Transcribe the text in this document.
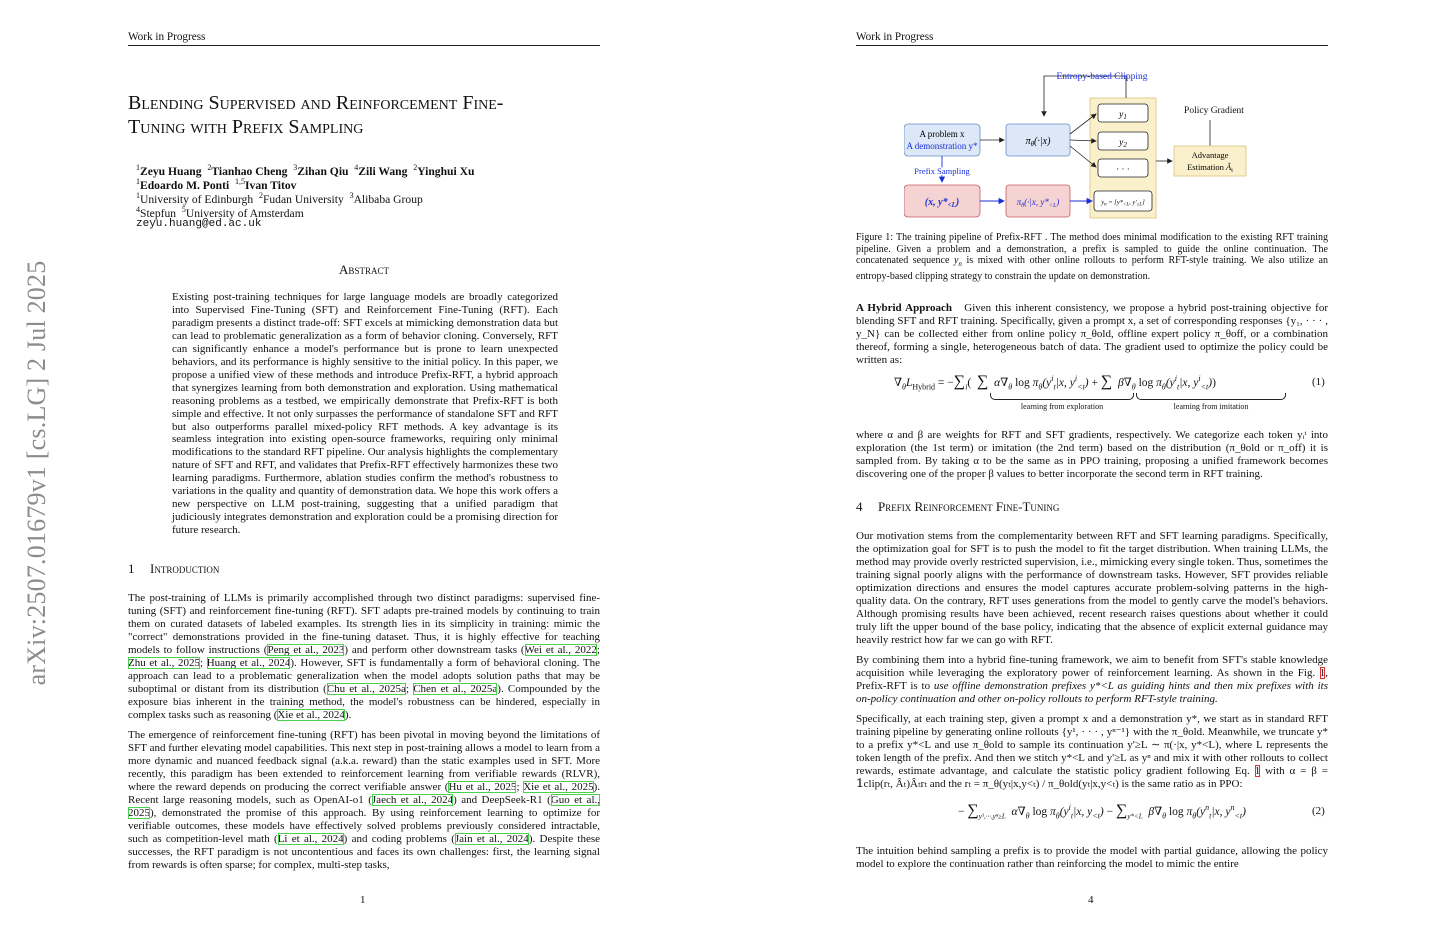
Work in Progress
arXiv:2507.01679v1 [cs.LG] 2 Jul 2025
Blending Supervised and Reinforcement Fine-
Tuning with Prefix Sampling
$^1$Zeyu Huang $^2$Tianhao Cheng $^3$Zihan Qiu $^4$Zili Wang $^2$Yinghui Xu
$^1$Edoardo M. Ponti $^{1,5}$Ivan Titov
$^1$University of Edinburgh $^2$Fudan University $^3$Alibaba Group
$^4$Stepfun $^5$University of Amsterdam
zeyu.huang@ed.ac.uk
Abstract
Existing post-training techniques for large language models are broadly categorized into Supervised Fine-Tuning (SFT) and Reinforcement Fine-Tuning (RFT). Each paradigm presents a distinct trade-off: SFT excels at mimicking demonstration data but can lead to problematic generalization as a form of behavior cloning. Conversely, RFT can significantly enhance a model's performance but is prone to learn unexpected behaviors, and its performance is highly sensitive to the initial policy. In this paper, we propose a unified view of these methods and introduce Prefix-RFT, a hybrid approach that synergizes learning from both demonstration and exploration. Using mathematical reasoning problems as a testbed, we empirically demonstrate that Prefix-RFT is both simple and effective. It not only surpasses the performance of standalone SFT and RFT but also outperforms parallel mixed-policy RFT methods. A key advantage is its seamless integration into existing open-source frameworks, requiring only minimal modifications to the standard RFT pipeline. Our analysis highlights the complementary nature of SFT and RFT, and validates that Prefix-RFT effectively harmonizes these two learning paradigms. Furthermore, ablation studies confirm the method's robustness to variations in the quality and quantity of demonstration data. We hope this work offers a new perspective on LLM post-training, suggesting that a unified paradigm that judiciously integrates demonstration and exploration could be a promising direction for future research.
1 Introduction
The post-training of LLMs is primarily accomplished through two distinct paradigms: supervised fine-tuning (SFT) and reinforcement fine-tuning (RFT). SFT adapts pre-trained models by continuing to train them on curated datasets of labeled examples. Its strength lies in its simplicity in training: mimic the "correct" demonstrations provided in the fine-tuning dataset. Thus, it is highly effective for teaching models to follow instructions (Peng et al., 2023) and perform other downstream tasks (Wei et al., 2022; Zhu et al., 2025; Huang et al., 2024). However, SFT is fundamentally a form of behavioral cloning. The approach can lead to a problematic generalization when the model adopts solution paths that may be suboptimal or distant from its distribution (Chu et al., 2025a; Chen et al., 2025a). Compounded by the exposure bias inherent in the training method, the model's robustness can be hindered, especially in complex tasks such as reasoning (Xie et al., 2024).
The emergence of reinforcement fine-tuning (RFT) has been pivotal in moving beyond the limitations of SFT and further elevating model capabilities. This next step in post-training allows a model to learn from a more dynamic and nuanced feedback signal (a.k.a. reward) than the static examples used in SFT. More recently, this paradigm has been extended to reinforcement learning from verifiable rewards (RLVR), where the reward depends on producing the correct verifiable answer (Hu et al., 2025; Xie et al., 2025). Recent large reasoning models, such as OpenAI-o1 (Jaech et al., 2024) and DeepSeek-R1 (Guo et al., 2025), demonstrated the promise of this approach. By using reinforcement learning to optimize for verifiable outcomes, these models have effectively solved problems previously considered intractable, such as competition-level math (Li et al., 2024) and coding problems (Jain et al., 2024). Despite these successes, the RFT paradigm is not uncontentious and faces its own challenges: first, the learning signal from rewards is often sparse; for complex, multi-step tasks,
1
Work in Progress
Entropy-based Clipping
Policy Gradient
A problem x
A demonstration y*	$\pi_\theta(\cdot|x)$
$y_1$
$y_2$
· · ·
$y_n = [y*_{<L}$, $y'_{\ge L}$]
Advantage
Estimation $Â_t$
Prefix Sampling
(x, $y*_{<L}$)	$\pi_\theta(\cdot|x$, $y*_{<L}$)
Figure 1: The training pipeline of Prefix-RFT . The method does minimal modification to the existing RFT training pipeline. Given a problem and a demonstration, a prefix is sampled to guide the online continuation. The concatenated sequence $y_n$ is mixed with other online rollouts to perform RFT-style training. We also utilize an entropy-based clipping strategy to constrain the update on demonstration.
A Hybrid Approach Given this inherent consistency, we propose a hybrid post-training objective for blending SFT and RFT training. Specifically, given a prompt x, a set of corresponding responses {y₁, · · · , y_N} can be collected either from online policy π_θold, offline expert policy π_θoff, or a combination thereof, forming a single, heterogeneous batch of data. The gradient used to optimize the policy could be written as:
$\nabla_\theta L_{Hybrid} = -\sum_i$(  ∑ $\alpha\nabla_\theta$ $\log \pi_\theta(y^i_t|x$, $y^i_{<t}$) + ∑ $\beta\nabla_\theta$ $\log \pi_\theta(y^i_t|x$, $y^i_{<t}$))
learning from exploration	learning from imitation
(1)
where α and β are weights for RFT and SFT gradients, respectively. We categorize each token yᵢᵗ into exploration (the 1st term) or imitation (the 2nd term) based on the distribution (π_θold or π_off) it is sampled from. By taking α to be the same as in PPO training, proposing a unified framework becomes discovering one of the proper β values to better incorporate the second term in RFT training.
4 Prefix Reinforcement Fine-Tuning
Our motivation stems from the complementarity between RFT and SFT learning paradigms. Specifically, the optimization goal for SFT is to push the model to fit the target distribution. When training LLMs, the method may provide overly restricted supervision, i.e., mimicking every single token. Thus, sometimes the training signal poorly aligns with the performance of downstream tasks. However, SFT provides reliable optimization directions and ensures the model captures accurate problem-solving patterns in the high-quality data. On the contrary, RFT uses generations from the model to gently carve the model's behaviors. Although promising results have been achieved, recent research raises questions about whether it could truly lift the upper bound of the base policy, indicating that the absence of explicit external guidance may heavily restrict how far we can go with RFT.
By combining them into a hybrid fine-tuning framework, we aim to benefit from SFT's stable knowledge acquisition while leveraging the exploratory power of reinforcement learning. As shown in the Fig. 1, Prefix-RFT is to use offline demonstration prefixes y*<L as guiding hints and then mix prefixes with its on-policy continuation and other on-policy rollouts to perform RFT-style training.
Specifically, at each training step, given a prompt x and a demonstration y*, we start as in standard RFT training pipeline by generating online rollouts {y¹, · · · , yⁿ⁻¹} with the π_θold. Meanwhile, we truncate y* to a prefix y*<L and use π_θold to sample its continuation y'≥L ∼ π(·|x, y*<L), where L represents the token length of the prefix. And then we stitch y*<L and y'≥L as yⁿ and mix it with other rollouts to collect rewards, estimate advantage, and calculate the statistic policy gradient following Eq. 1 with α = β = 𝟙clip(rₜ, Âₜ)Âₜrₜ and the rₜ = π_θ(yₜ|x,y<ₜ) / π_θold(yₜ|x,y<ₜ) is the same ratio as in PPO:
− $\sum_{y^1,\cdot\cdot\cdot,y^n\ge L}$ $\alpha\nabla_\theta$ $\log \pi_\theta(y^i_t|x$, $y_{<t}) - \sum_{y*<L}$ $\beta\nabla_\theta$ $\log \pi_\theta(y^n_t|x$, $y^n_{<t}$)	(2)
The intuition behind sampling a prefix is to provide the model with partial guidance, allowing the policy model to explore the continuation rather than reinforcing the model to mimic the entire
4
